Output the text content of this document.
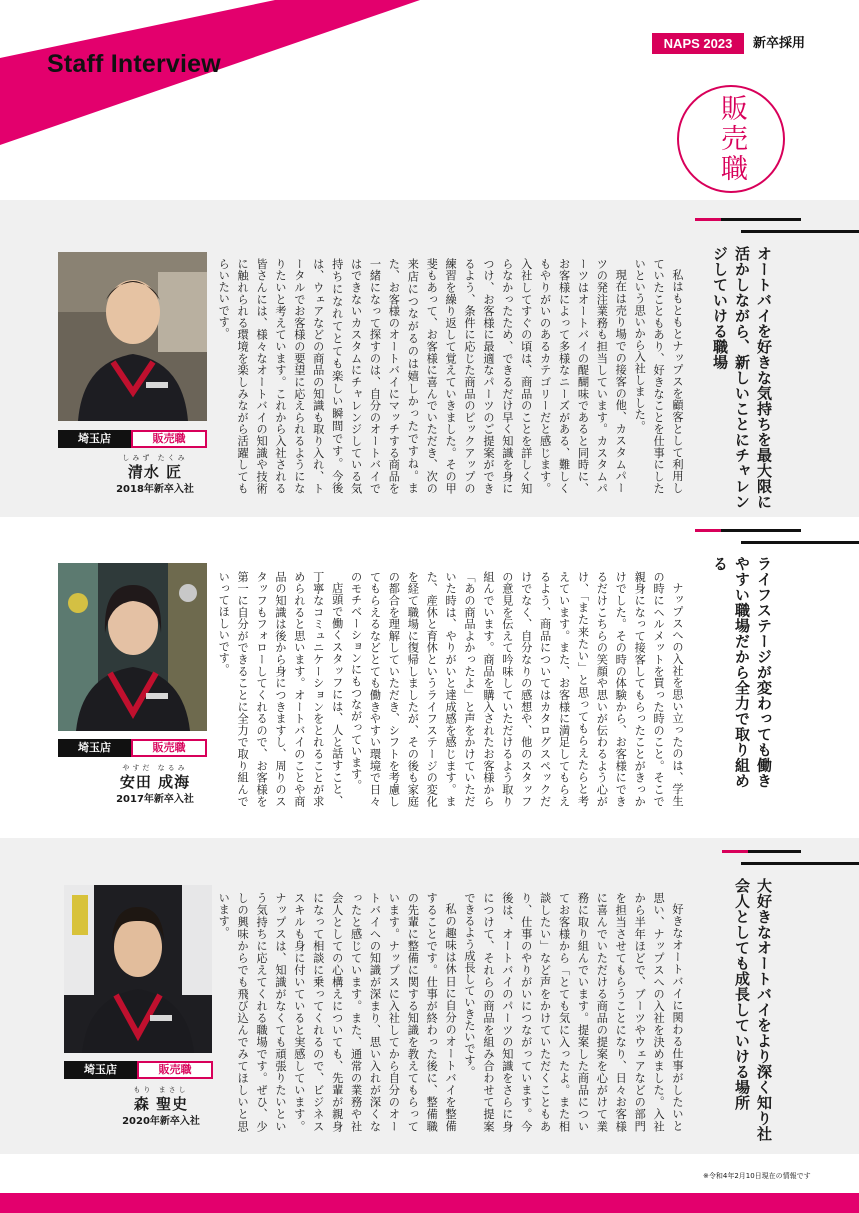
Staff Interview
NAPS 2023	新卒採用
販売職
埼玉店	販売職
しみず たくみ
清水 匠
2018年新卒入社	私はもともとナップスを顧客として利用していたこともあり、好きなことを仕事にしたいという思いから入社しました。

現在は売り場での接客の他、カスタムパーツの発注業務も担当しています。カスタムパーツはオートバイの醍醐味であると同時に、お客様によって多様なニーズがある、難しくもやりがいのあるカテゴリーだと感じます。入社してすぐの頃は、商品のことを詳しく知らなかったため、できるだけ早く知識を身につけ、お客様に最適なパーツのご提案ができるよう、条件に応じた商品のピックアップの練習を繰り返して覚えていきました。その甲斐もあって、お客様に喜んでいただき、次の来店につながるのは嬉しかったですね。また、お客様のオートバイにマッチする商品を一緒になって探すのは、自分のオートバイではできないカスタムにチャレンジしている気持ちになれてとても楽しい瞬間です。今後は、ウェアなどの商品の知識も取り入れ、トータルでお客様の要望に応えられるようになりたいと考えています。これから入社される皆さんには、様々なオートバイの知識や技術に触れられる環境を楽しみながら活躍してもらいたいです。	オートバイを好きな気持ちを最大限に活かしながら、新しいことにチャレンジしていける職場
埼玉店	販売職
やすだ なるみ
安田 成海
2017年新卒入社	ナップスへの入社を思い立ったのは、学生の時にヘルメットを買った時のこと。そこで親身になって接客してもらったことがきっかけでした。その時の体験から、お客様にできるだけこちらの笑顔や思いが伝わるよう心がけ、「また来たい」と思ってもらえたらと考えています。また、お客様に満足してもらえるよう、商品についてはカタログスペックだけでなく、自分なりの感想や、他のスタッフの意見を伝えて吟味していただけるよう取り組んでいます。商品を購入されたお客様から「あの商品よかったよ」と声をかけていただいた時は、やりがいと達成感を感じます。また、産休と育休というライフステージの変化を経て職場に復帰しましたが、その後も家庭の都合を理解していただき、シフトを考慮してもらえるなどとても働きやすい環境で日々のモチベーションにもつながっています。

店頭で働くスタッフには、人と話すこと、丁寧なコミュニケーションをとれることが求められると思います。オートバイのことや商品の知識は後から身につきますし、周りのスタッフもフォローしてくれるので、お客様を第一に自分ができることに全力で取り組んでいってほしいです。	ライフステージが変わっても働きやすい職場だから全力で取り組める
埼玉店	販売職
もり まさし
森 聖史
2020年新卒入社	好きなオートバイに関わる仕事がしたいと思い、ナップスへの入社を決めました。入社から半年ほどで、ブーツやウェアなどの部門を担当させてもらうことになり、日々お客様に喜んでいただける商品の提案を心がけて業務に取り組んでいます。提案した商品についてお客様から「とても気に入ったよ。また相談したい」など声をかけていただくこともあり、仕事のやりがいにつながっています。今後は、オートバイのパーツの知識をさらに身につけて、それらの商品を組み合わせて提案できるよう成長していきたいです。

私の趣味は休日に自分のオートバイを整備することです。仕事が終わった後に、整備職の先輩に整備に関する知識を教えてもらっています。ナップスに入社してから自分のオートバイへの知識が深まり、思い入れが深くなったと感じています。また、通常の業務や社会人としての心構えについても、先輩が親身になって相談に乗ってくれるので、ビジネススキルも身に付いていると実感しています。ナップスは、知識がなくても頑張りたいという気持ちに応えてくれる職場です。ぜひ、少しの興味からでも飛び込んでみてほしいと思います。	大好きなオートバイをより深く知り社会人としても成長していける場所
※令和4年2月10日現在の情報です
